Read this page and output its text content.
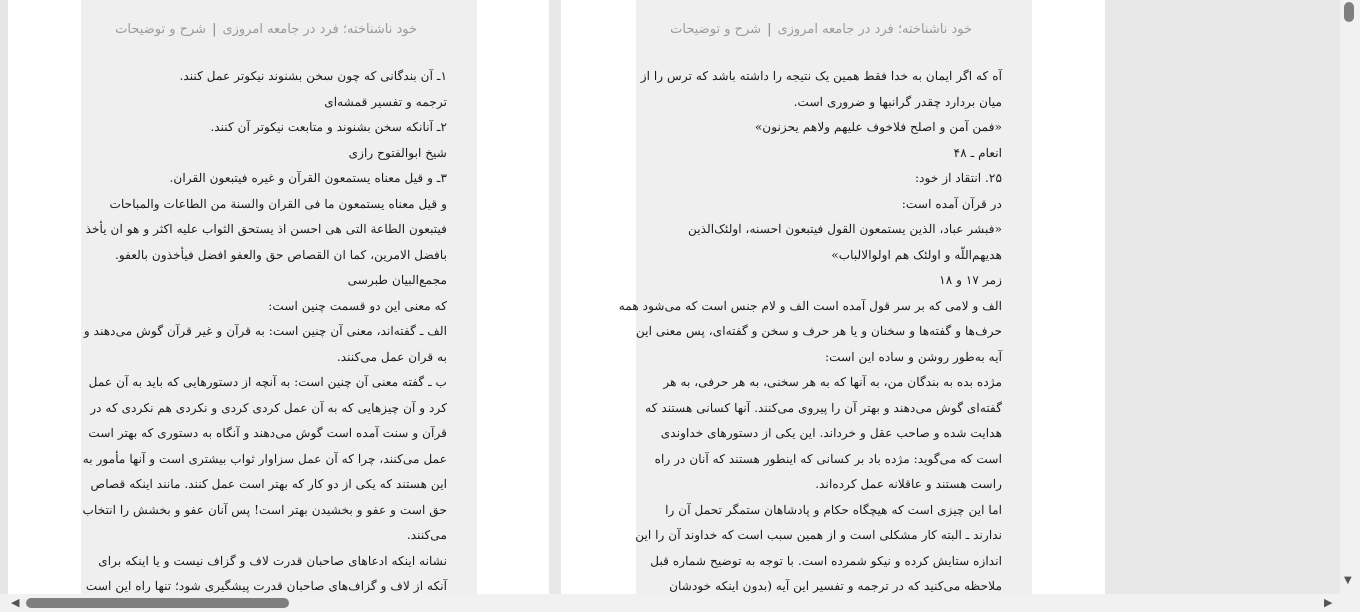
خود ناشناخته؛ فرد در جامعه امروزی|شرح و توضیحات
۱ـ آن بندگانی که چون سخن بشنوند نیکوتر عمل کنند.
ترجمه و تفسیر قمشه‌ای
۲ـ آنانکه سخن بشنوند و متابعت نیکوتر آن کنند.
شیخ ابوالفتوح رازی
۳ـ و قیل معناه یستمعون القرآن و غیره فیتبعون القران.
و قیل معناه یستمعون ما فی القران والسنة من الطاعات والمباحات
فیتبعون الطاعة التی هی احسن اذ یستحق الثواب علیه اکثر و هو ان یأخذ
بافضل الامرین، کما ان القصاص حق والعفو افضل فیأخذون بالعفو.
مجمع‌البیان طبرسی
که معنی این دو قسمت چنین است:
الف ـ گفته‌اند، معنی آن چنین است: به قرآن و غیر قرآن گوش می‌دهند و
به قران عمل می‌کنند.
ب ـ گفته معنی آن چنین است: به آنچه از دستورهایی که باید به آن عمل
کرد و آن چیزهایی که به آن عمل کردی کردی و نکردی هم نکردی که در
قرآن و سنت آمده است گوش می‌دهند و آنگاه به دستوری که بهتر است
عمل می‌کنند، چرا که آن عمل سزاوار ثواب بیشتری است و آنها مأمور به
این هستند که یکی از دو کار که بهتر است عمل کنند. مانند اینکه قصاص
حق است و عفو و بخشیدن بهتر است! پس آنان عفو و بخشش را انتخاب
می‌کنند.
نشانه اینکه ادعاهای صاحبان قدرت لاف و گزاف نیست و یا اینکه برای
آنکه از لاف و گزاف‌های صاحبان قدرت پیشگیری شود؛ تنها راه این است
خود ناشناخته؛ فرد در جامعه امروزی|شرح و توضیحات
آه که اگر ایمان به خدا فقط همین یک نتیجه را داشته باشد که ترس را از
میان بردارد چقدر گرانبها و ضروری است.
«فمن آمن و اصلح فلاخوف علیهم ولاهم یحزنون»
انعام ـ ۴۸
۲۵. انتقاد از خود:
در قرآن آمده است:
«فبشر عباد، الذین یستمعون القول فیتبعون احسنه، اولئک‌الذین
هدیهم‌اللّه و اولئک هم اولوالالباب»
زمر ۱۷ و ۱۸
الف و لامی که بر سر قول آمده است الف و لام جنس است که می‌شود همه
حرف‌ها و گفته‌ها و سخنان و یا هر حرف و سخن و گفته‌ای، پس معنی این
آیه به‌طور روشن و ساده این است:
مژده بده به بندگان من، به آنها که به هر سخنی، به هر حرفی، به هر
گفته‌ای گوش می‌دهند و بهتر آن را پیروی می‌کنند. آنها کسانی هستند که
هدایت شده و صاحب عقل و خرداند. این یکی از دستورهای خداوندی
است که می‌گوید: مژده باد بر کسانی که اینطور هستند که آنان در راه
راست هستند و عاقلانه عمل کرده‌اند.
اما این چیزی است که هیچگاه حکام و پادشاهان ستمگر تحمل آن را
ندارند ـ البته کار مشکلی است و از همین سبب است که خداوند آن را این
اندازه ستایش کرده و نیکو شمرده است. با توجه به توضیح شماره قبل
ملاحظه می‌کنید که در ترجمه و تفسیر این آیه (بدون اینکه خودشان	▼
◀	▶
